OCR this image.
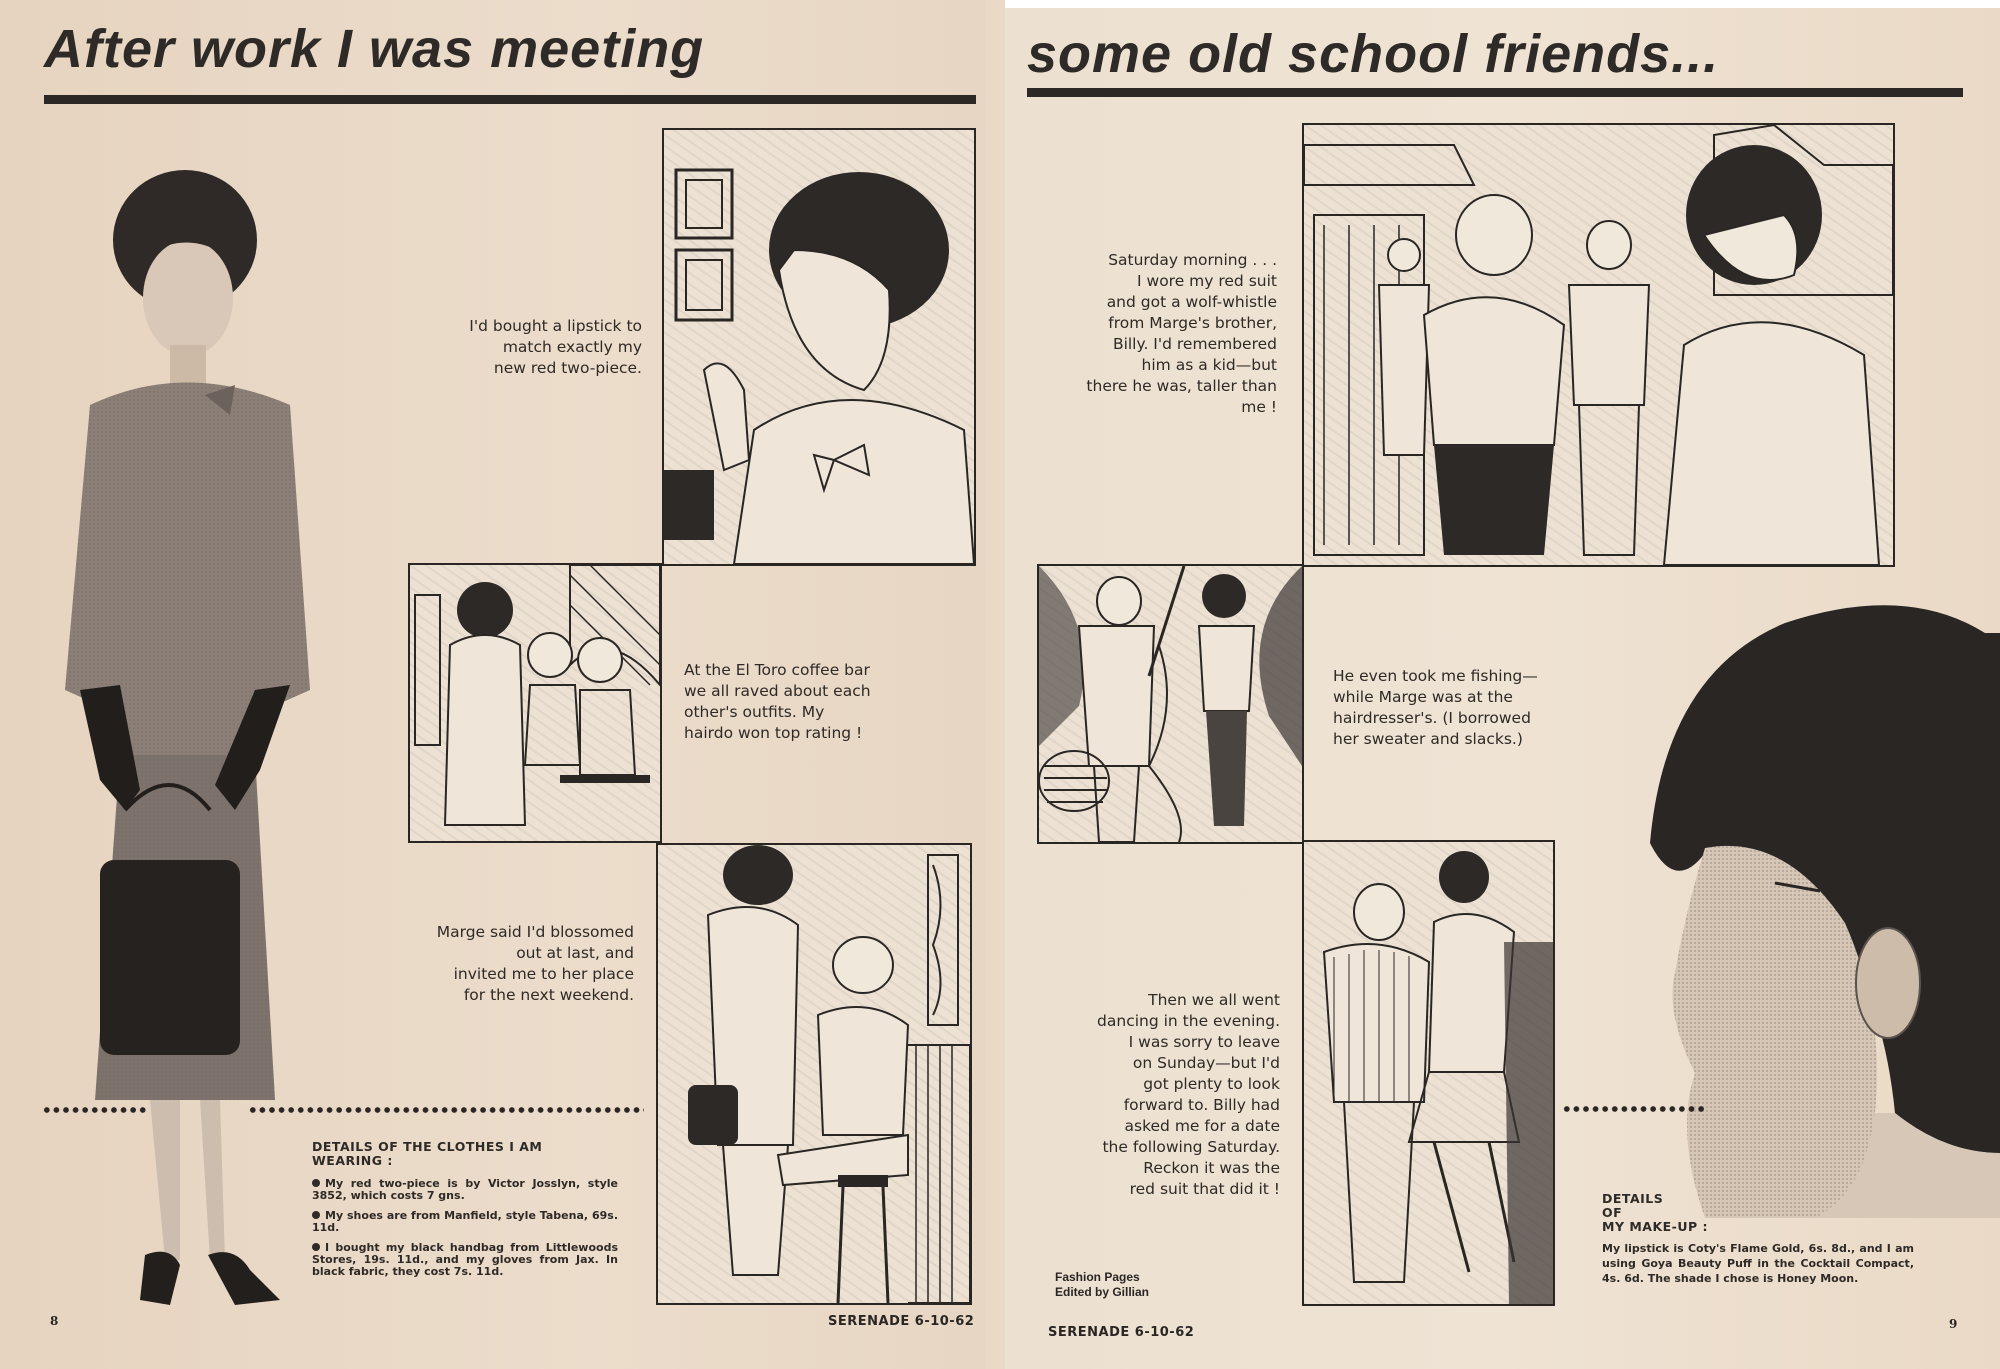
After work I was meeting
I'd bought a lipstick to
match exactly my
new red two-piece.
At the El Toro coffee bar
we all raved about each
other's outfits. My
hairdo won top rating !
Marge said I'd blossomed
out at last, and
invited me to her place
for the next weekend.

DETAILS OF THE CLOTHES I AM WEARING :

My red two-piece is by Victor Josslyn, style 3852, which costs 7 gns.

My shoes are from Manfield, style Tabena, 69s. 11d.

I bought my black handbag from Littlewoods Stores, 19s. 11d., and my gloves from Jax. In black fabric, they cost 7s. 11d.

8	SERENADE 6-10-62
some old school friends...
Saturday morning . . .
I wore my red suit
and got a wolf-whistle
from Marge's brother,
Billy. I'd remembered
him as a kid—but
there he was, taller than
me !
He even took me fishing—
while Marge was at the
hairdresser's. (I borrowed
her sweater and slacks.)
Then we all went
dancing in the evening.
I was sorry to leave
on Sunday—but I'd
got plenty to look
forward to. Billy had
asked me for a date
the following Saturday.
Reckon it was the
red suit that did it !
DETAILS
OF
MY MAKE-UP :

My lipstick is Coty's Flame Gold, 6s. 8d., and I am using Goya Beauty Puff in the Cocktail Compact, 4s. 6d. The shade I chose is Honey Moon.

Fashion Pages
Edited by Gillian
SERENADE 6-10-62
9
